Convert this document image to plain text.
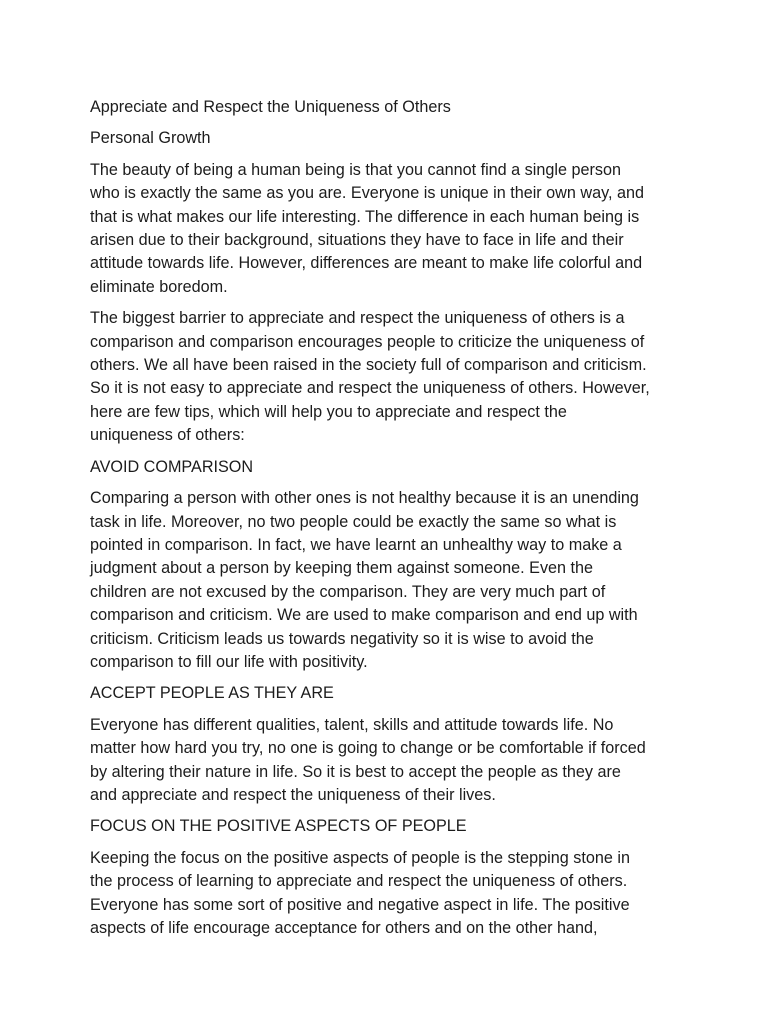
Appreciate and Respect the Uniqueness of Others
Personal Growth
The beauty of being a human being is that you cannot find a single person
who is exactly the same as you are. Everyone is unique in their own way, and
that is what makes our life interesting. The difference in each human being is
arisen due to their background, situations they have to face in life and their
attitude towards life. However, differences are meant to make life colorful and
eliminate boredom.
The biggest barrier to appreciate and respect the uniqueness of others is a
comparison and comparison encourages people to criticize the uniqueness of
others. We all have been raised in the society full of comparison and criticism.
So it is not easy to appreciate and respect the uniqueness of others. However,
here are few tips, which will help you to appreciate and respect the
uniqueness of others:
AVOID COMPARISON
Comparing a person with other ones is not healthy because it is an unending
task in life. Moreover, no two people could be exactly the same so what is
pointed in comparison. In fact, we have learnt an unhealthy way to make a
judgment about a person by keeping them against someone. Even the
children are not excused by the comparison. They are very much part of
comparison and criticism. We are used to make comparison and end up with
criticism. Criticism leads us towards negativity so it is wise to avoid the
comparison to fill our life with positivity.
ACCEPT PEOPLE AS THEY ARE
Everyone has different qualities, talent, skills and attitude towards life. No
matter how hard you try, no one is going to change or be comfortable if forced
by altering their nature in life. So it is best to accept the people as they are
and appreciate and respect the uniqueness of their lives.
FOCUS ON THE POSITIVE ASPECTS OF PEOPLE
Keeping the focus on the positive aspects of people is the stepping stone in
the process of learning to appreciate and respect the uniqueness of others.
Everyone has some sort of positive and negative aspect in life. The positive
aspects of life encourage acceptance for others and on the other hand,
